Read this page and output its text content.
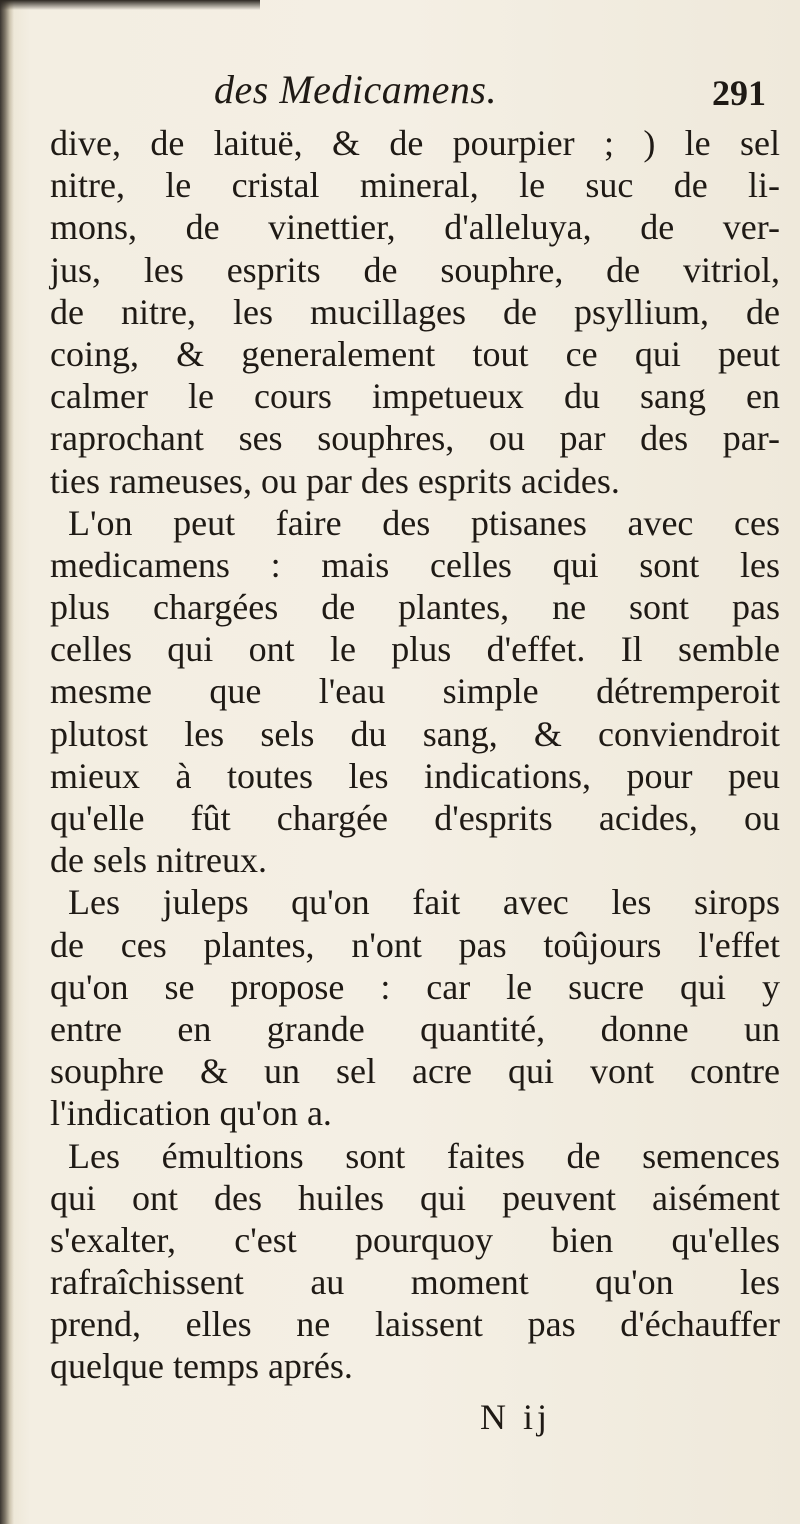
des Medicamens.	291
dive, de laituë, & de pourpier ; ) le sel
nitre, le cristal mineral, le suc de li-
mons, de vinettier, d'alleluya, de ver-
jus, les esprits de souphre, de vitriol,
de nitre, les mucillages de psyllium, de
coing, & generalement tout ce qui peut
calmer le cours impetueux du sang en
raprochant ses souphres, ou par des par-
ties rameuses, ou par des esprits acides.
L'on peut faire des ptisanes avec ces
medicamens : mais celles qui sont les
plus chargées de plantes, ne sont pas
celles qui ont le plus d'effet. Il semble
mesme que l'eau simple détremperoit
plutost les sels du sang, & conviendroit
mieux à toutes les indications, pour peu
qu'elle fût chargée d'esprits acides, ou
de sels nitreux.
Les juleps qu'on fait avec les sirops
de ces plantes, n'ont pas toûjours l'effet
qu'on se propose : car le sucre qui y
entre en grande quantité, donne un
souphre & un sel acre qui vont contre
l'indication qu'on a.
Les émultions sont faites de semences
qui ont des huiles qui peuvent aisément
s'exalter, c'est pourquoy bien qu'elles
rafraîchissent au moment qu'on les
prend, elles ne laissent pas d'échauffer
quelque temps aprés.
N ij
